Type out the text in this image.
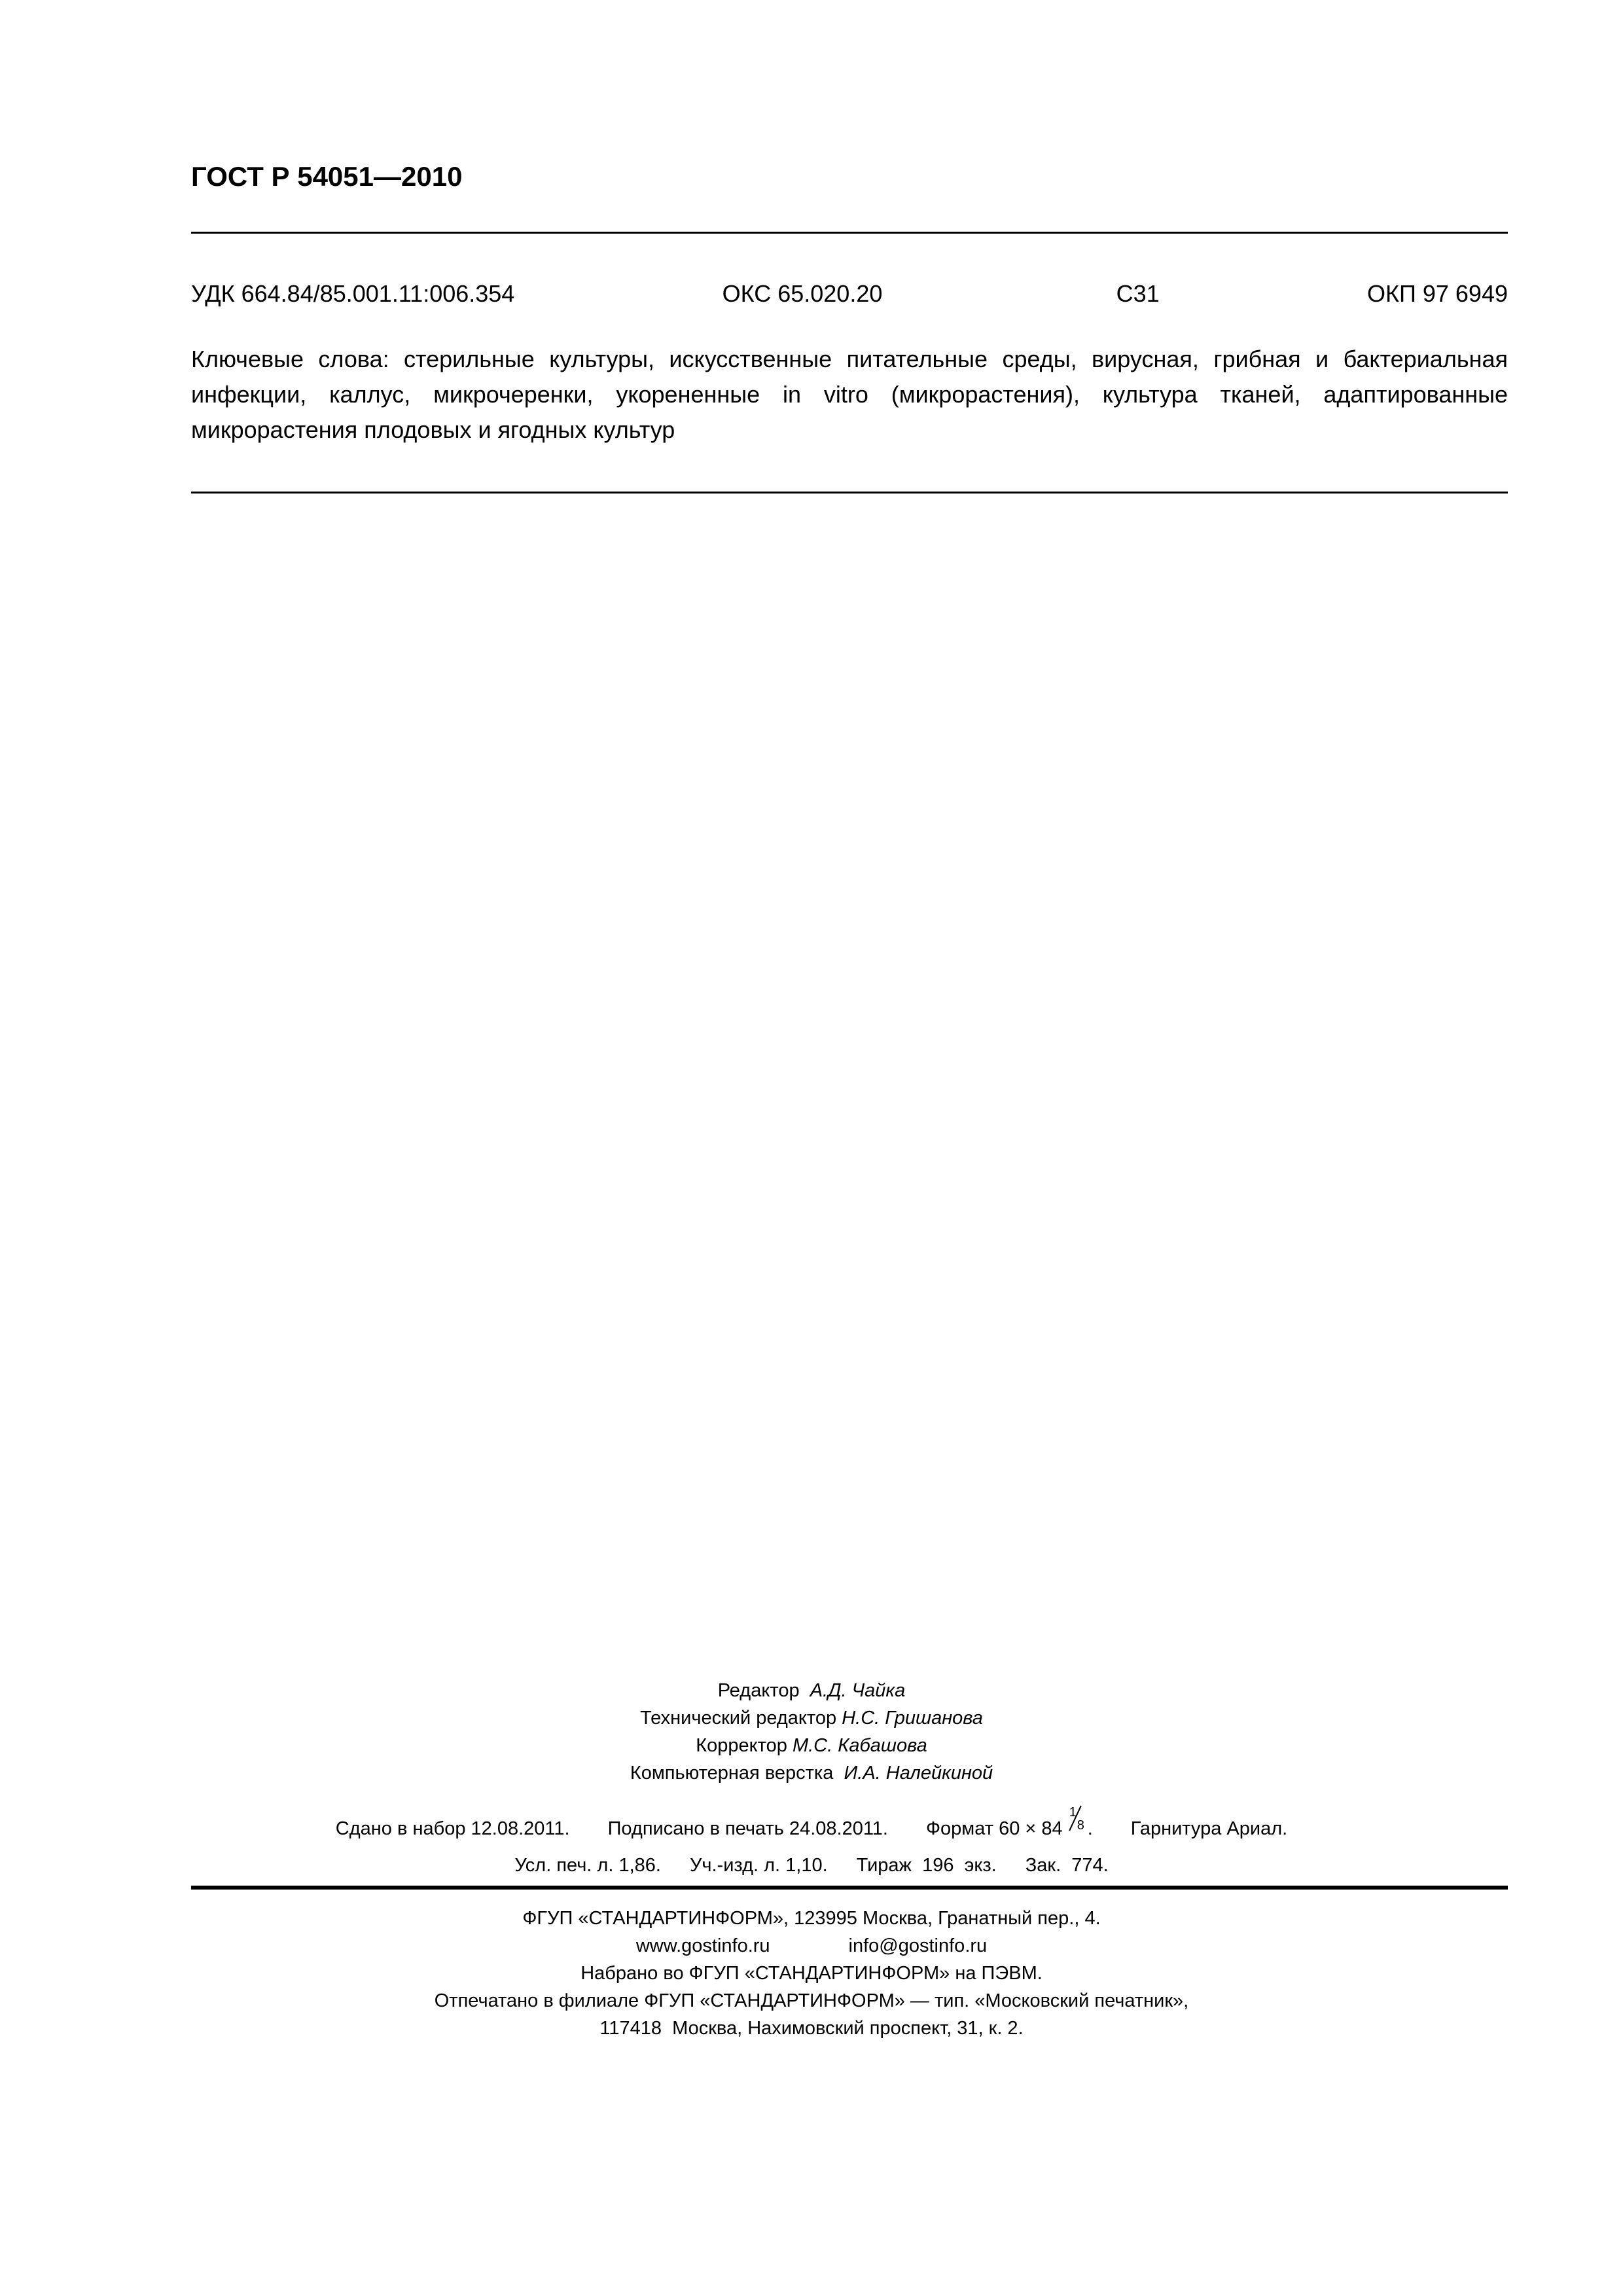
ГОСТ Р 54051—2010
УДК 664.84/85.001.11:006.354	ОКС 65.020.20	С31	ОКП 97 6949
Ключевые слова: стерильные культуры, искусственные питательные среды, вирусная, грибная и бактериальная инфекции, каллус, микрочеренки, укорененные in vitro (микрорастения), культура тканей, адаптированные микрорастения плодовых и ягодных культур
Редактор А.Д. Чайка
Технический редактор Н.С. Гришанова
Корректор М.С. Кабашова
Компьютерная верстка И.А. Налейкиной
Сдано в набор 12.08.2011. Подписано в печать 24.08.2011. Формат 60 × 84
1
8 . Гарнитура Ариал.
Усл. печ. л. 1,86. Уч.-изд. л. 1,10. Тираж  196  экз. Зак.  774.
ФГУП «СТАНДАРТИНФОРМ», 123995 Москва, Гранатный пер., 4.
www.gostinfo.ru	info@gostinfo.ru
Набрано во ФГУП «СТАНДАРТИНФОРМ» на ПЭВМ.
Отпечатано в филиале ФГУП «СТАНДАРТИНФОРМ» — тип. «Московский печатник»,
117418  Москва, Нахимовский проспект, 31, к. 2.
